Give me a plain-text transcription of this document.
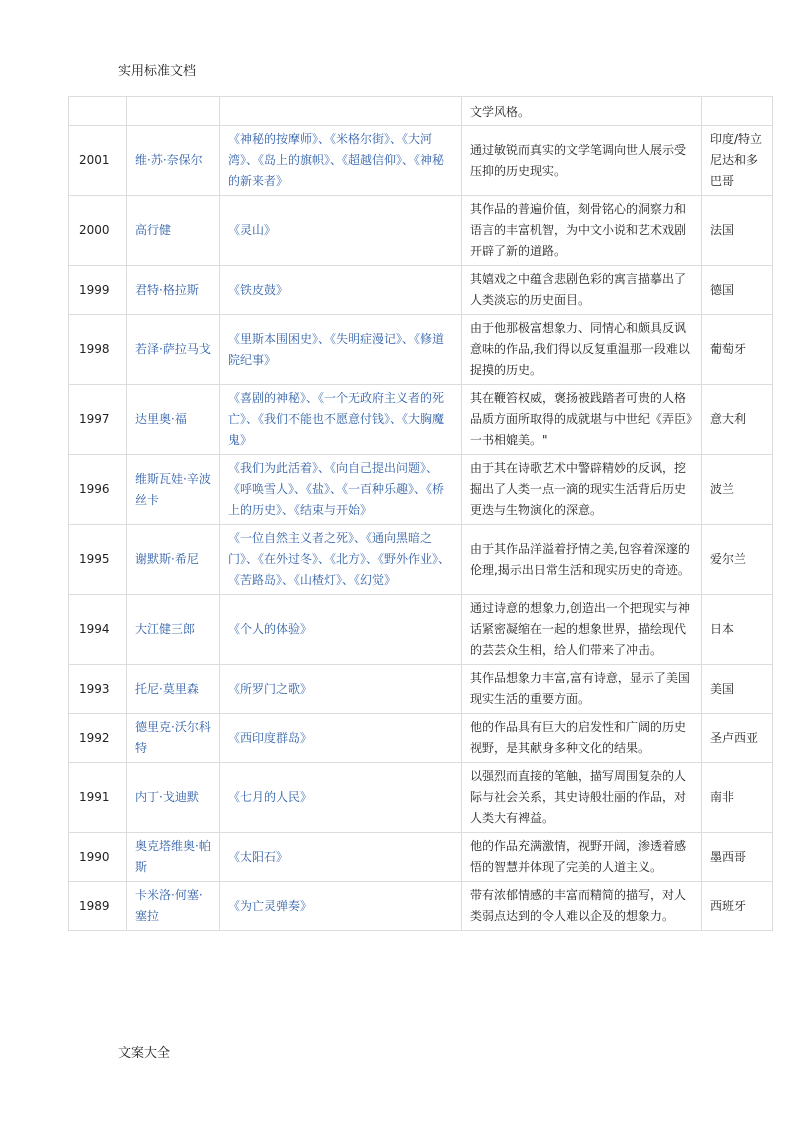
实用标准文档
			文学风格。	
2001	维·苏·奈保尔	《神秘的按摩师》、《米格尔街》、《大河湾》、《岛上的旗帜》、《超越信仰》、《神秘的新来者》	通过敏锐而真实的文学笔调向世人展示受压抑的历史现实。	印度/特立尼达和多巴哥
2000	高行健	《灵山》	其作品的普遍价值，刻骨铭心的洞察力和语言的丰富机智，为中文小说和艺术戏剧开辟了新的道路。	法国
1999	君特·格拉斯	《铁皮鼓》	其嬉戏之中蕴含悲剧色彩的寓言描摹出了人类淡忘的历史面目。	德国
1998	若泽·萨拉马戈	《里斯本围困史》、《失明症漫记》、《修道院纪事》	由于他那极富想象力、同情心和颇具反讽意味的作品,我们得以反复重温那一段难以捉摸的历史。	葡萄牙
1997	达里奥·福	《喜剧的神秘》、《一个无政府主义者的死亡》、《我们不能也不愿意付钱》、《大胸魔鬼》	其在鞭笞权威，褒扬被践踏者可贵的人格品质方面所取得的成就堪与中世纪《弄臣》一书相媲美。"	意大利
1996	维斯瓦娃·辛波丝卡	《我们为此活着》、《向自己提出问题》、《呼唤雪人》、《盐》、《一百种乐趣》、《桥上的历史》、《结束与开始》	由于其在诗歌艺术中警辟精妙的反讽，挖掘出了人类一点一滴的现实生活背后历史更迭与生物演化的深意。	波兰
1995	谢默斯·希尼	《一位自然主义者之死》、《通向黑暗之门》、《在外过冬》、《北方》、《野外作业》、《苦路岛》、《山楂灯》、《幻觉》	由于其作品洋溢着抒情之美,包容着深邃的伦理,揭示出日常生活和现实历史的奇迹。	爱尔兰
1994	大江健三郎	《个人的体验》	通过诗意的想象力,创造出一个把现实与神话紧密凝缩在一起的想象世界，描绘现代的芸芸众生相，给人们带来了冲击。	日本
1993	托尼·莫里森	《所罗门之歌》	其作品想象力丰富,富有诗意，显示了美国现实生活的重要方面。	美国
1992	德里克·沃尔科特	《西印度群岛》	他的作品具有巨大的启发性和广阔的历史视野，是其献身多种文化的结果。	圣卢西亚
1991	内丁·戈迪默	《七月的人民》	以强烈而直接的笔触，描写周围复杂的人际与社会关系，其史诗般壮丽的作品，对人类大有裨益。	南非
1990	奥克塔维奥·帕斯	《太阳石》	他的作品充满激情，视野开阔，渗透着感悟的智慧并体现了完美的人道主义。	墨西哥
1989	卡米洛·何塞·塞拉	《为亡灵弹奏》	带有浓郁情感的丰富而精简的描写，对人类弱点达到的令人难以企及的想象力。	西班牙
文案大全
